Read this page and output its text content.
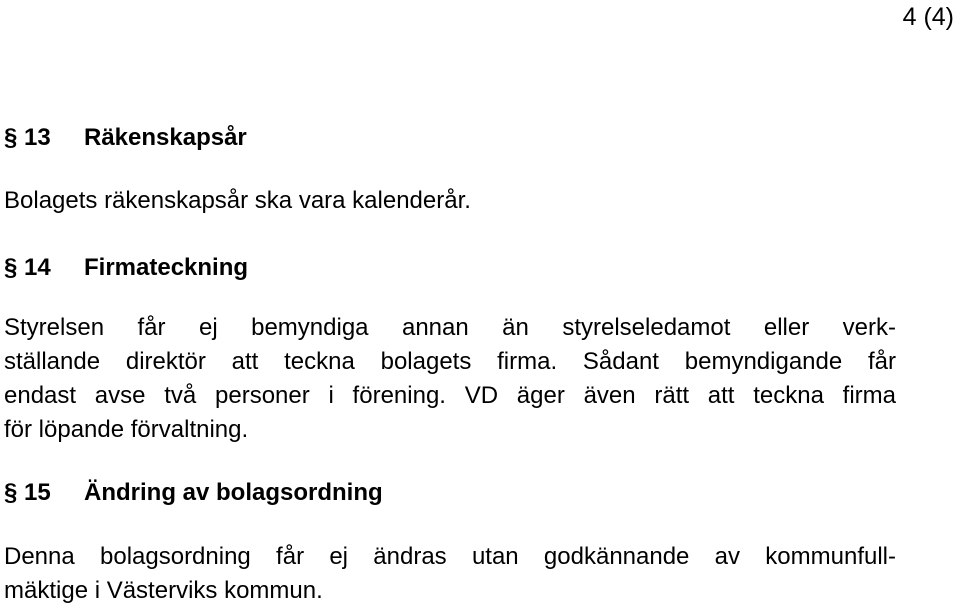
4 (4)
§ 13 Räkenskapsår
Bolagets räkenskapsår ska vara kalenderår.
§ 14 Firmateckning
Styrelsen får ej bemyndiga annan än styrelseledamot eller verk-
ställande direktör att teckna bolagets firma. Sådant bemyndigande får
endast avse två personer i förening. VD äger även rätt att teckna firma
för löpande förvaltning.
§ 15 Ändring av bolagsordning
Denna bolagsordning får ej ändras utan godkännande av kommunfull-
mäktige i Västerviks kommun.
